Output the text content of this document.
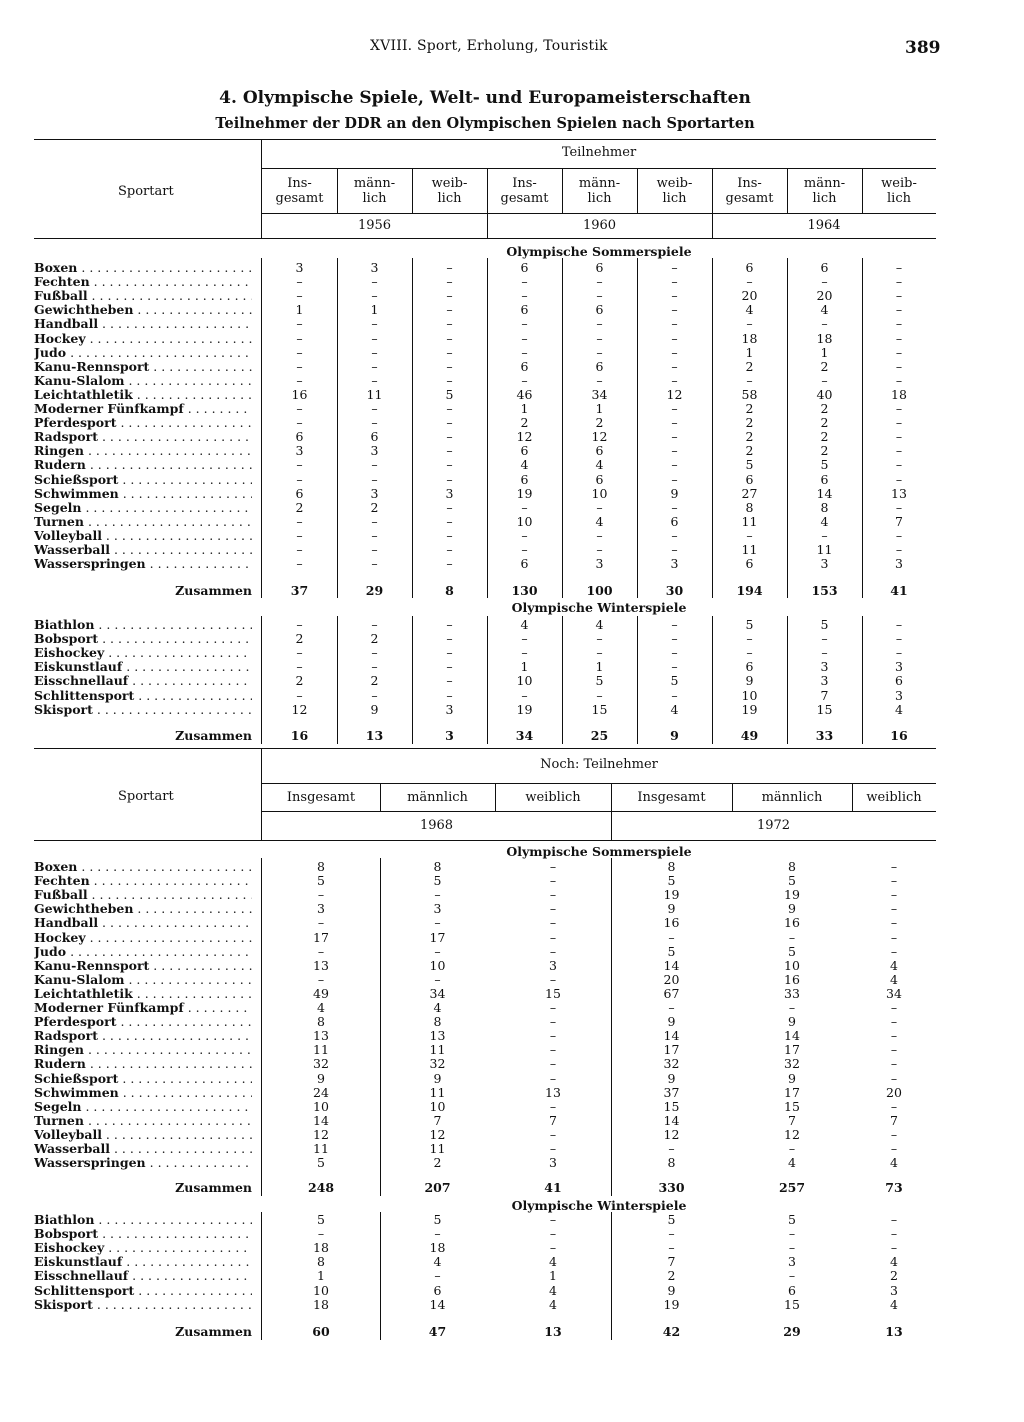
XVIII. Sport, Erholung, Touristik	389
4. Olympische Spiele, Welt- und Europameisterschaften
Teilnehmer der DDR an den Olympischen Spielen nach Sportarten
Teilnehmer
Sportart
Ins-
gesamt
männ-
lich
weib-
lich
Ins-
gesamt
männ-
lich
weib-
lich
Ins-
gesamt
männ-
lich
weib-
lich
1956	1960	1964
Olympische Sommerspiele
Olympische Winterspiele
Boxen . . .	3	3	–	6	6	–	6	6	–
Fechten . . .	–	–	–	–	–	–	–	–	–
Fußball . . .	–	–	–	–	–	–	20	20	–
Gewichtheben . . .	1	1	–	6	6	–	4	4	–
Handball . . .	–	–	–	–	–	–	–	–	–
Hockey . . .	–	–	–	–	–	–	18	18	–
Judo . . .	–	–	–	–	–	–	1	1	–
Kanu-Rennsport . . .	–	–	–	6	6	–	2	2	–
Kanu-Slalom . . .	–	–	–	–	–	–	–	–	–
Leichtathletik . . .	16	11	5	46	34	12	58	40	18
Moderner Fünfkampf . . .	–	–	–	1	1	–	2	2	–
Pferdesport . . .	–	–	–	2	2	–	2	2	–
Radsport . . .	6	6	–	12	12	–	2	2	–
Ringen . . .	3	3	–	6	6	–	2	2	–
Rudern . . .	–	–	–	4	4	–	5	5	–
Schießsport . . .	–	–	–	6	6	–	6	6	–
Schwimmen . . .	6	3	3	19	10	9	27	14	13
Segeln . . .	2	2	–	–	–	–	8	8	–
Turnen . . .	–	–	–	10	4	6	11	4	7
Volleyball . . .	–	–	–	–	–	–	–	–	–
Wasserball . . .	–	–	–	–	–	–	11	11	–
Wasserspringen . . .	–	–	–	6	3	3	6	3	3
Zusammen	37	29	8	130	100	30	194	153	41
Biathlon . . .	–	–	–	4	4	–	5	5	–
Bobsport . . .	2	2	–	–	–	–	–	–	–
Eishockey . . .	–	–	–	–	–	–	–	–	–
Eiskunstlauf . . .	–	–	–	1	1	–	6	3	3
Eisschnellauf . . .	2	2	–	10	5	5	9	3	6
Schlittensport . . .	–	–	–	–	–	–	10	7	3
Skisport . . .	12	9	3	19	15	4	19	15	4
Zusammen	16	13	3	34	25	9	49	33	16
Noch: Teilnehmer
Sportart	Insgesamt	männlich	weiblich	Insgesamt	männlich	weiblich
1968	1972
Olympische Sommerspiele
Olympische Winterspiele
Boxen . . .	8	8	–	8	8	–
Fechten . . .	5	5	–	5	5	–
Fußball . . .	–	–	–	19	19	–
Gewichtheben . . .	3	3	–	9	9	–
Handball . . .	–	–	–	16	16	–
Hockey . . .	17	17	–	–	–	–
Judo . . .	–	–	–	5	5	–
Kanu-Rennsport . . .	13	10	3	14	10	4
Kanu-Slalom . . .	–	–	–	20	16	4
Leichtathletik . . .	49	34	15	67	33	34
Moderner Fünfkampf . . .	4	4	–	–	–	–
Pferdesport . . .	8	8	–	9	9	–
Radsport . . .	13	13	–	14	14	–
Ringen . . .	11	11	–	17	17	–
Rudern . . .	32	32	–	32	32	–
Schießsport . . .	9	9	–	9	9	–
Schwimmen . . .	24	11	13	37	17	20
Segeln . . .	10	10	–	15	15	–
Turnen . . .	14	7	7	14	7	7
Volleyball . . .	12	12	–	12	12	–
Wasserball . . .	11	11	–	–	–	–
Wasserspringen . . .	5	2	3	8	4	4
Zusammen	248	207	41	330	257	73
Biathlon . . .	5	5	–	5	5	–
Bobsport . . .	–	–	–	–	–	–
Eishockey . . .	18	18	–	–	–	–
Eiskunstlauf . . .	8	4	4	7	3	4
Eisschnellauf . . .	1	–	1	2	–	2
Schlittensport . . .	10	6	4	9	6	3
Skisport . . .	18	14	4	19	15	4
Zusammen	60	47	13	42	29	13
